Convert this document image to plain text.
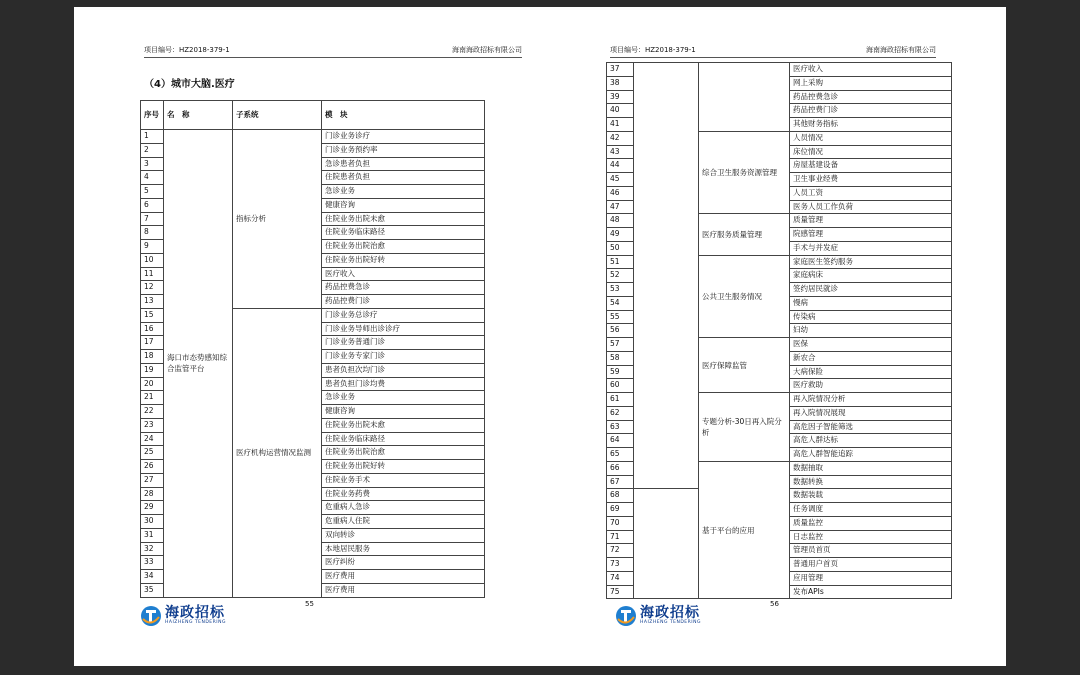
项目编号：HZ2018-379-1	海南海政招标有限公司
（4）城市大脑.医疗
序号	名　称	子系统	模　块
1	海口市态势感知综合监管平台	指标分析	门诊业务诊疗
2			门诊业务预约率
3			急诊患者负担
4			住院患者负担
5			急诊业务
6			健康咨询
7			住院业务出院未愈
8			住院业务临床路径
9			住院业务出院治愈
10			住院业务出院好转
11			医疗收入
12			药品控费急诊
13			药品控费门诊
15		医疗机构运营情况监测	门诊业务总诊疗
16			门诊业务导师出诊诊疗
17			门诊业务普通门诊
18			门诊业务专家门诊
19			患者负担次均门诊
20			患者负担门诊均费
21			急诊业务
22			健康咨询
23			住院业务出院未愈
24			住院业务临床路径
25			住院业务出院治愈
26			住院业务出院好转
27			住院业务手术
28			住院业务药费
29			危重病人急诊
30			危重病人住院
31			双向转诊
32			本地居民服务
33			医疗纠纷
34			医疗费用
35			医疗费用
55
海政招标
HAIZHENG TENDERING
项目编号：HZ2018-379-1	海南海政招标有限公司
37			医疗收入
38			网上采购
39			药品控费急诊
40			药品控费门诊
41			其他财务指标
42		综合卫生服务资源管理	人员情况
43			床位情况
44			房屋基建设备
45			卫生事业经费
46			人员工资
47			医务人员工作负荷
48		医疗服务质量管理	质量管理
49			院感管理
50			手术与并发症
51		公共卫生服务情况	家庭医生签约服务
52			家庭病床
53			签约居民就诊
54			慢病
55			传染病
56			妇幼
57		医疗保障监管	医保
58			新农合
59			大病保险
60			医疗救助
61		专题分析-30日再入院分析	再入院情况分析
62			再入院情况展现
63			高危因子智能筛选
64			高危人群达标
65			高危人群智能追踪
66		基于平台的应用	数据抽取
67			数据转换
68			数据装载
69			任务调度
70			质量监控
71			日志监控
72			管理员首页
73			普通用户首页
74			应用管理
75			发布APIs
56
海政招标
HAIZHENG TENDERING
